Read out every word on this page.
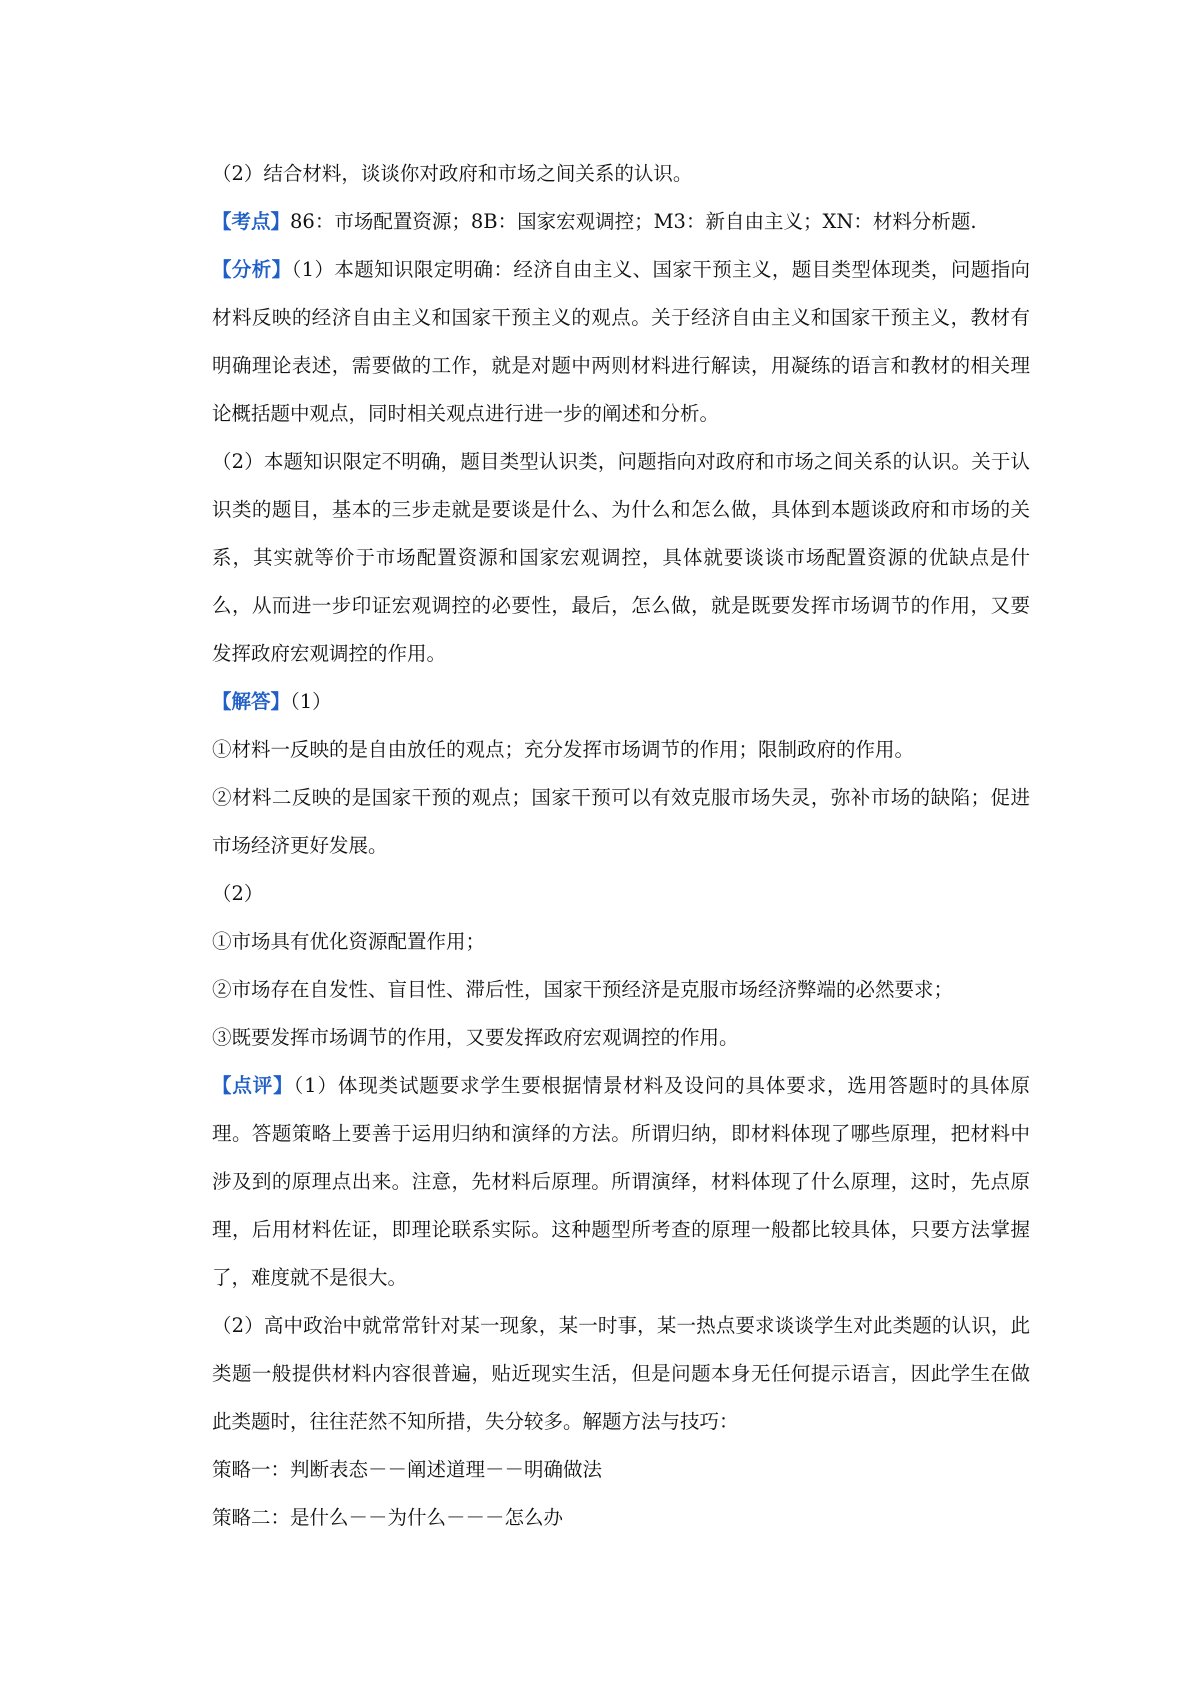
（2）结合材料，谈谈你对政府和市场之间关系的认识。

【考点】86：市场配置资源；8B：国家宏观调控；M3：新自由主义；XN：材料分析题.

【分析】（1）本题知识限定明确：经济自由主义、国家干预主义，题目类型体现类，问题指向材料反映的经济自由主义和国家干预主义的观点。关于经济自由主义和国家干预主义，教材有明确理论表述，需要做的工作，就是对题中两则材料进行解读，用凝练的语言和教材的相关理论概括题中观点，同时相关观点进行进一步的阐述和分析。

（2）本题知识限定不明确，题目类型认识类，问题指向对政府和市场之间关系的认识。关于认识类的题目，基本的三步走就是要谈是什么、为什么和怎么做，具体到本题谈政府和市场的关系，其实就等价于市场配置资源和国家宏观调控，具体就要谈谈市场配置资源的优缺点是什么，从而进一步印证宏观调控的必要性，最后，怎么做，就是既要发挥市场调节的作用，又要发挥政府宏观调控的作用。

【解答】（1）

①材料一反映的是自由放任的观点；充分发挥市场调节的作用；限制政府的作用。

②材料二反映的是国家干预的观点；国家干预可以有效克服市场失灵，弥补市场的缺陷；促进市场经济更好发展。

（2）

①市场具有优化资源配置作用；

②市场存在自发性、盲目性、滞后性，国家干预经济是克服市场经济弊端的必然要求；

③既要发挥市场调节的作用，又要发挥政府宏观调控的作用。

【点评】（1）体现类试题要求学生要根据情景材料及设问的具体要求，选用答题时的具体原理。答题策略上要善于运用归纳和演绎的方法。所谓归纳，即材料体现了哪些原理，把材料中涉及到的原理点出来。注意，先材料后原理。所谓演绎，材料体现了什么原理，这时，先点原理，后用材料佐证，即理论联系实际。这种题型所考查的原理一般都比较具体，只要方法掌握了，难度就不是很大。

（2）高中政治中就常常针对某一现象，某一时事，某一热点要求谈谈学生对此类题的认识，此类题一般提供材料内容很普遍，贴近现实生活，但是问题本身无任何提示语言，因此学生在做此类题时，往往茫然不知所措，失分较多。解题方法与技巧：

策略一：判断表态－－阐述道理－－明确做法

策略二：是什么－－为什么－－－怎么办
